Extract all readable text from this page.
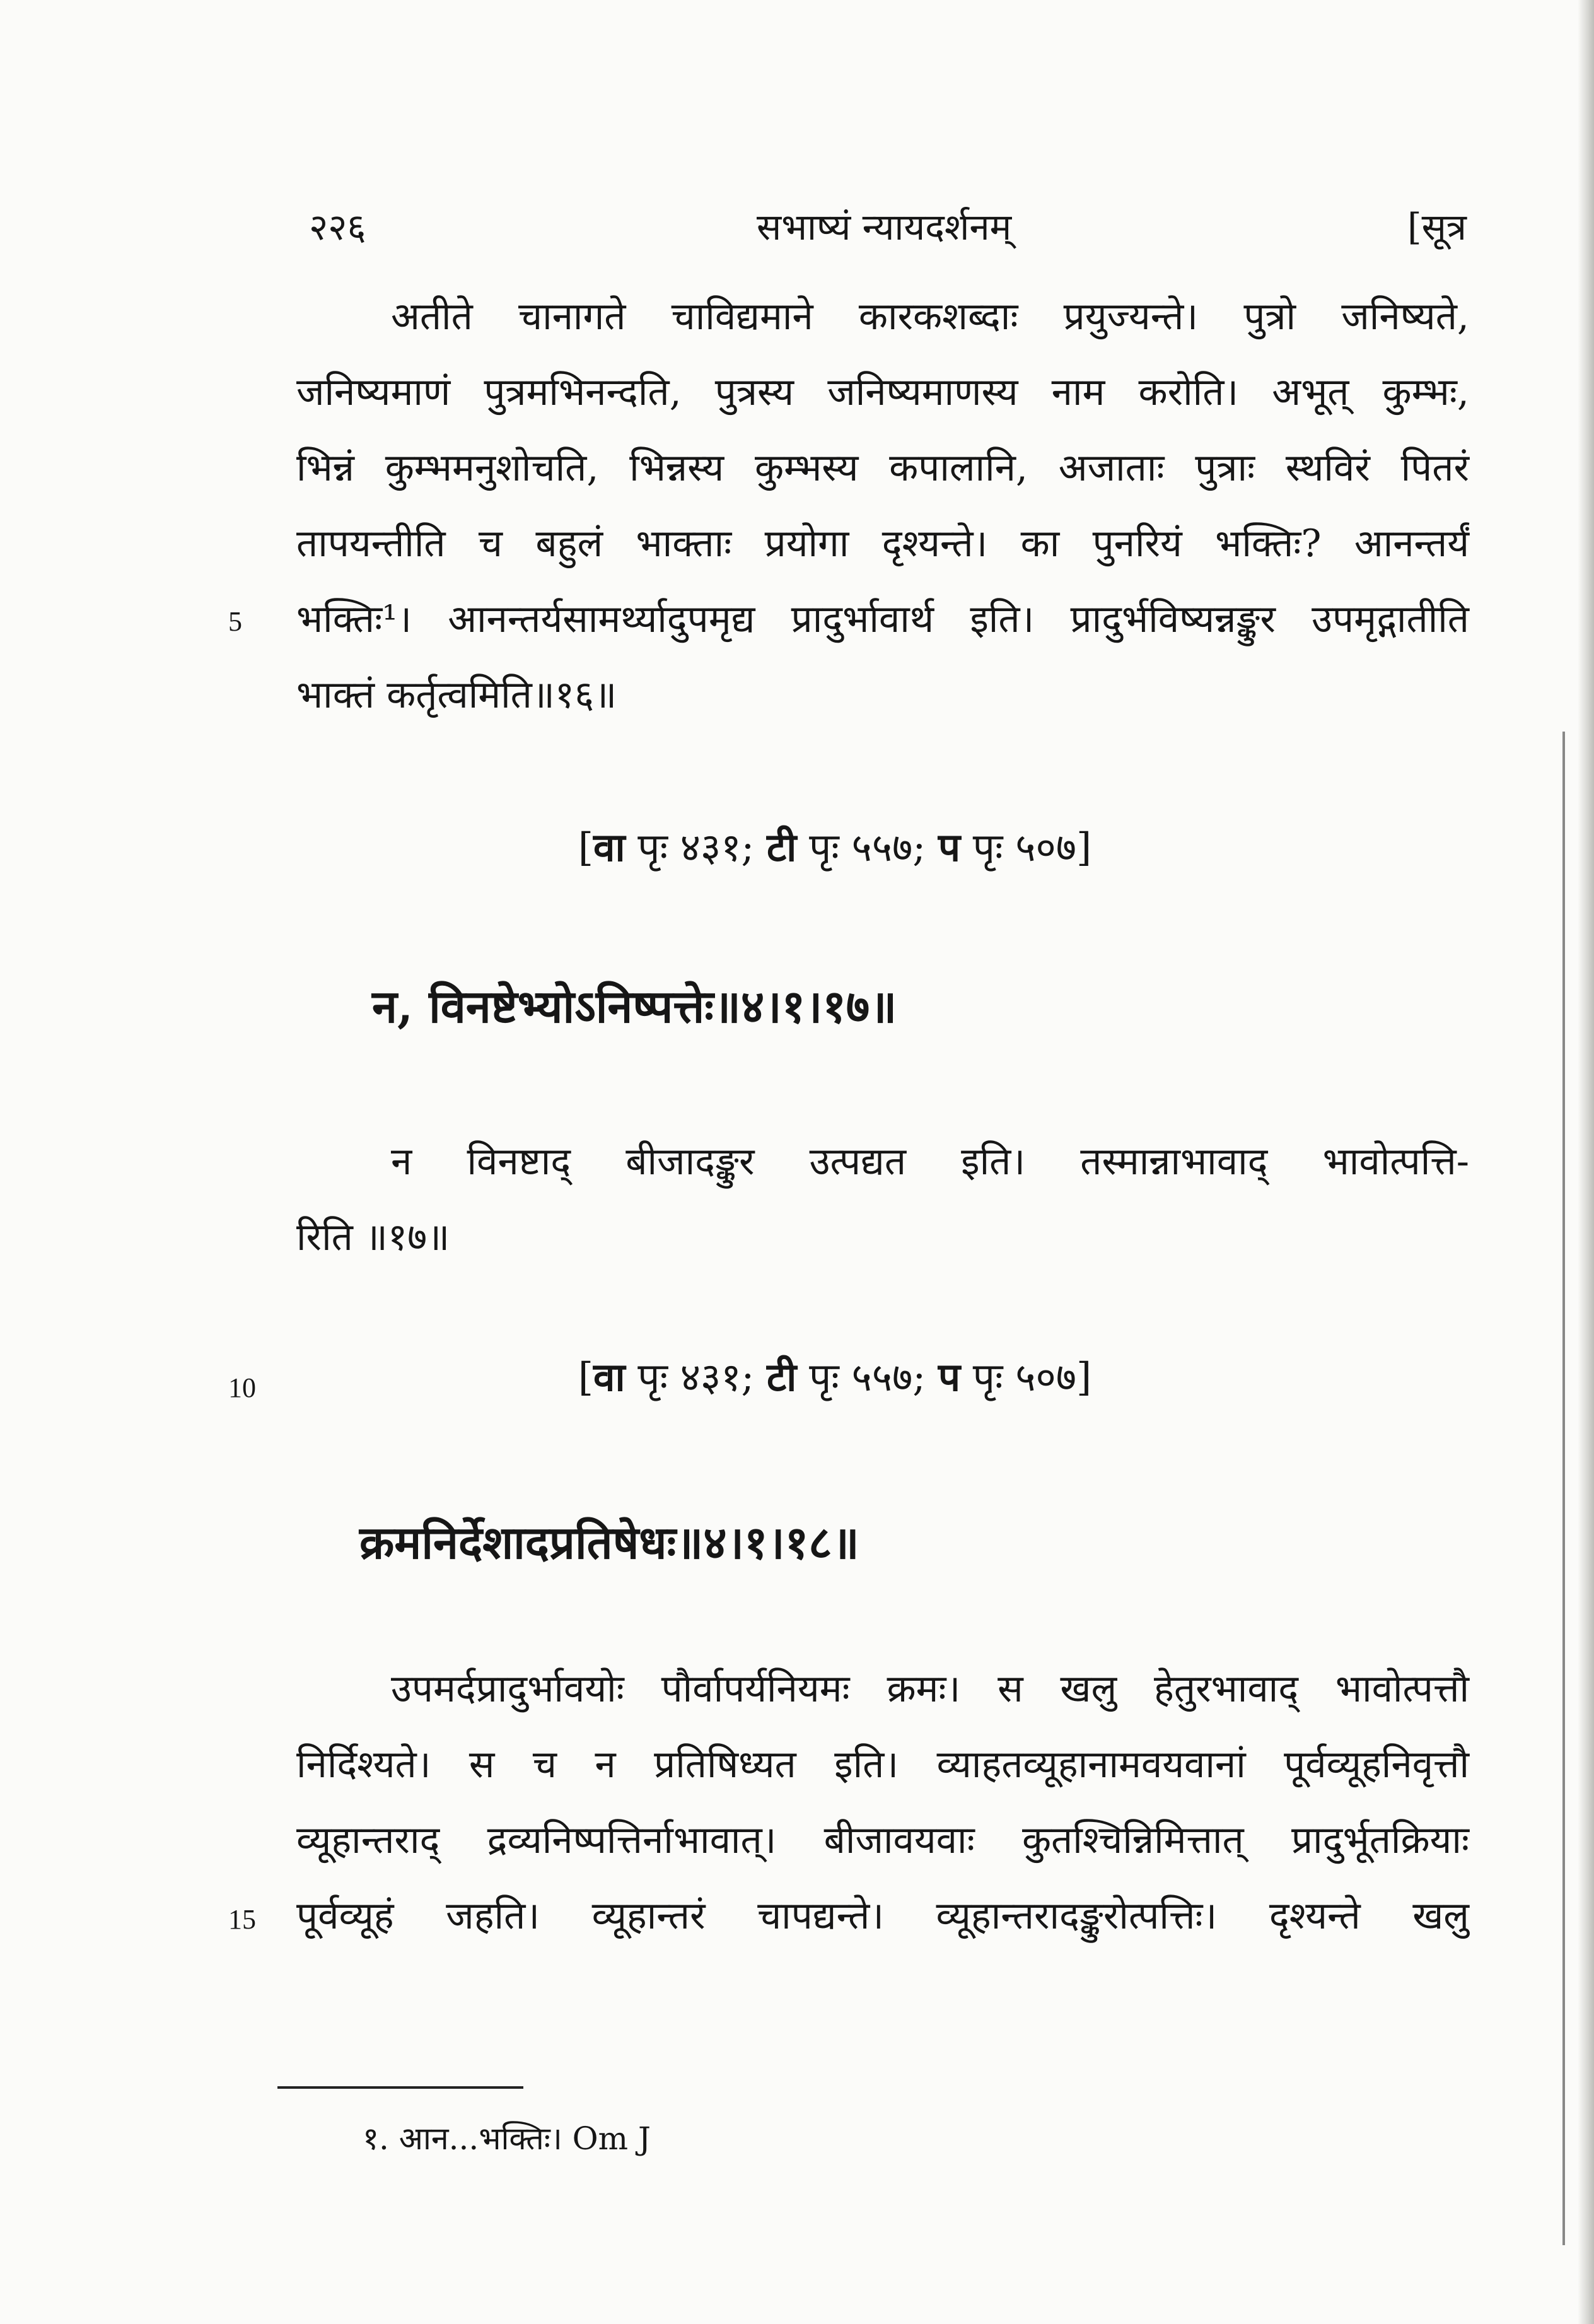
२२६	सभाष्यं न्यायदर्शनम्	[सूत्र
अतीते चानागते चाविद्यमाने कारकशब्दाः प्रयुज्यन्ते। पुत्रो जनिष्यते,
जनिष्यमाणं पुत्रमभिनन्दति, पुत्रस्य जनिष्यमाणस्य नाम करोति। अभूत् कुम्भः,
भिन्नं कुम्भमनुशोचति, भिन्नस्य कुम्भस्य कपालानि, अजाताः पुत्राः स्थविरं पितरं
तापयन्तीति च बहुलं भाक्ताः प्रयोगा दृश्यन्ते। का पुनरियं भक्तिः? आनन्तर्यं
भक्तिः¹। आनन्तर्यसामर्थ्यादुपमृद्य प्रादुर्भावार्थ इति। प्रादुर्भविष्यन्नङ्कुर उपमृद्गातीति
5
भाक्तं कर्तृत्वमिति॥१६॥
[वा पृः ४३१; टी पृः ५५७; प पृः ५०७]
न, विनष्टेभ्योऽनिष्पत्तेः॥४।१।१७॥
न विनष्टाद् बीजादङ्कुर उत्पद्यत इति। तस्मान्नाभावाद् भावोत्पत्ति-
रिति ॥१७॥
10	[वा पृः ४३१; टी पृः ५५७; प पृः ५०७]
क्रमनिर्देशादप्रतिषेधः॥४।१।१८॥
उपमर्दप्रादुर्भावयोः पौर्वापर्यनियमः क्रमः। स खलु हेतुरभावाद् भावोत्पत्तौ
निर्दिश्यते। स च न प्रतिषिध्यत इति। व्याहतव्यूहानामवयवानां पूर्वव्यूहनिवृत्तौ
व्यूहान्तराद् द्रव्यनिष्पत्तिर्नाभावात्। बीजावयवाः कुतश्चिन्निमित्तात् प्रादुर्भूतक्रियाः
पूर्वव्यूहं जहति। व्यूहान्तरं चापद्यन्ते। व्यूहान्तरादङ्कुरोत्पत्तिः। दृश्यन्ते खलु
15
१. आन...भक्तिः। Om J
